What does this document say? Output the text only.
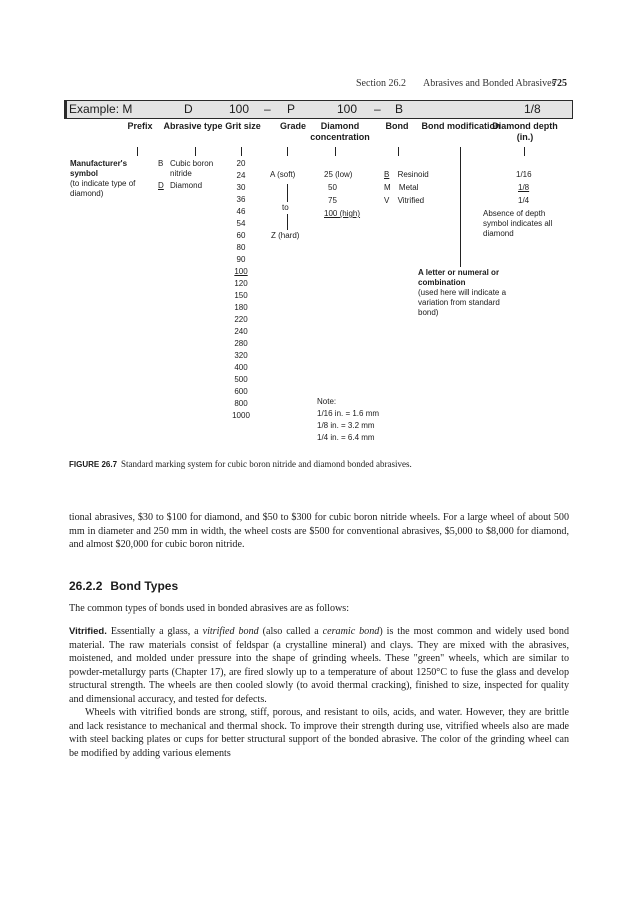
Section 26.2 Abrasives and Bonded Abrasives
725
Example: M	D	100 – P	100 – B	1/8
Prefix	Abrasive type Grit size	Grade	Diamond concentration
Bond	Bond modification
Diamond depth (in.)
Manufacturer's symbol
(to indicate type of diamond)
B Cubic boron nitride
D Diamond
20
24
30
36
46
54
60
80
90
100
120
150
180
220
240
280
320
400
500
600
800
1000
A (soft)
to
Z (hard)
25 (low)
50
75
100 (high)
B Resinoid
M Metal
V Vitrified
1/16
1/8
1/4
Absence of depth symbol indicates all diamond
A letter or numeral or combination
(used here will indicate a variation from standard bond)
Note:
1/16 in. = 1.6 mm
1/8 in. = 3.2 mm
1/4 in. = 6.4 mm
FIGURE 26.7 Standard marking system for cubic boron nitride and diamond bonded abrasives.

tional abrasives, $30 to $100 for diamond, and $50 to $300 for cubic boron nitride wheels. For a large wheel of about 500 mm in diameter and 250 mm in width, the wheel costs are $500 for conventional abrasives, $5,000 to $8,000 for diamond, and almost $20,000 for cubic boron nitride.

26.2.2 Bond Types

The common types of bonds used in bonded abrasives are as follows:

Vitrified. Essentially a glass, a vitrified bond (also called a ceramic bond) is the most common and widely used bond material. The raw materials consist of feldspar (a crystalline mineral) and clays. They are mixed with the abrasives, moistened, and molded under pressure into the shape of grinding wheels. These "green" wheels, which are similar to powder-metallurgy parts (Chapter 17), are fired slowly up to a temperature of about 1250°C to fuse the glass and develop structural strength. The wheels are then cooled slowly (to avoid thermal cracking), finished to size, inspected for quality and dimensional accuracy, and tested for defects.

Wheels with vitrified bonds are strong, stiff, porous, and resistant to oils, acids, and water. However, they are brittle and lack resistance to mechanical and thermal shock. To improve their strength during use, vitrified wheels also are made with steel backing plates or cups for better structural support of the bonded abrasive. The color of the grinding wheel can be modified by adding various elements
